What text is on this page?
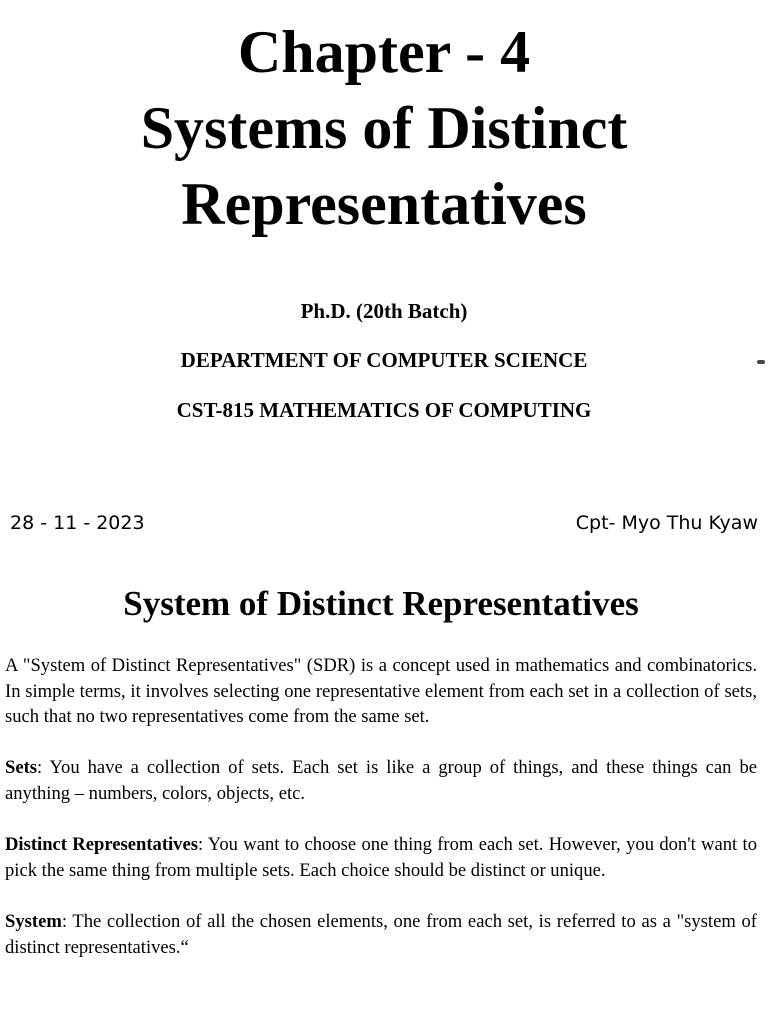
Chapter - 4
Systems of Distinct
Representatives
Ph.D. (20th Batch)
DEPARTMENT OF COMPUTER SCIENCE
CST-815 MATHEMATICS OF COMPUTING
28 - 11 - 2023	Cpt- Myo Thu Kyaw
System of Distinct Representatives

A "System of Distinct Representatives" (SDR) is a concept used in mathematics and combinatorics. In simple terms, it involves selecting one representative element from each set in a collection of sets, such that no two representatives come from the same set.

Sets: You have a collection of sets. Each set is like a group of things, and these things can be anything – numbers, colors, objects, etc.

Distinct Representatives: You want to choose one thing from each set. However, you don't want to pick the same thing from multiple sets. Each choice should be distinct or unique.

System: The collection of all the chosen elements, one from each set, is referred to as a "system of distinct representatives.“
